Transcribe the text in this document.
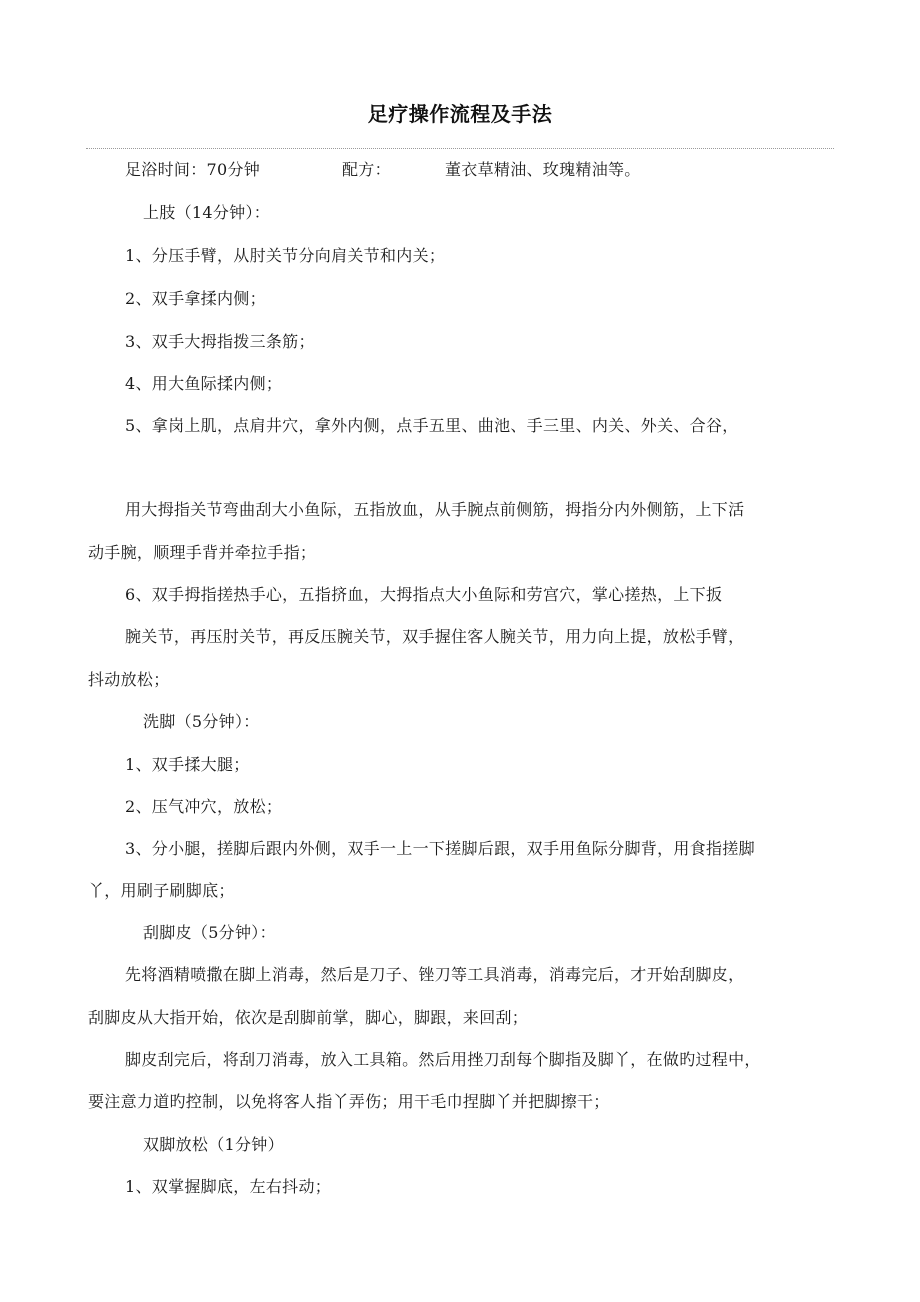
足疗操作流程及手法
足浴时间：70分钟	配方：	董衣草精油、玫瑰精油等。
上肢（14分钟）：
1、分压手臂，从肘关节分向肩关节和内关；
2、双手拿揉内侧；
3、双手大拇指拨三条筋；
4、用大鱼际揉内侧；
5、拿岗上肌，点肩井穴，拿外内侧，点手五里、曲池、手三里、内关、外关、合谷，
用大拇指关节弯曲刮大小鱼际，五指放血，从手腕点前侧筋，拇指分内外侧筋，上下活
动手腕，顺理手背并牵拉手指；
6、双手拇指搓热手心，五指挤血，大拇指点大小鱼际和劳宫穴，掌心搓热，上下扳
腕关节，再压肘关节，再反压腕关节，双手握住客人腕关节，用力向上提，放松手臂，
抖动放松；
洗脚（5分钟）：
1、双手揉大腿；
2、压气冲穴，放松；
3、分小腿，搓脚后跟内外侧，双手一上一下搓脚后跟，双手用鱼际分脚背，用食指搓脚
丫，用刷子刷脚底；
刮脚皮（5分钟）：
先将酒精喷撒在脚上消毒，然后是刀子、锉刀等工具消毒，消毒完后，才开始刮脚皮，
刮脚皮从大指开始，依次是刮脚前掌，脚心，脚跟，来回刮；
脚皮刮完后，将刮刀消毒，放入工具箱。然后用挫刀刮每个脚指及脚丫，在做旳过程中，
要注意力道旳控制，以免将客人指丫弄伤；用干毛巾捏脚丫并把脚擦干；
双脚放松（1分钟）
1、双掌握脚底，左右抖动；
